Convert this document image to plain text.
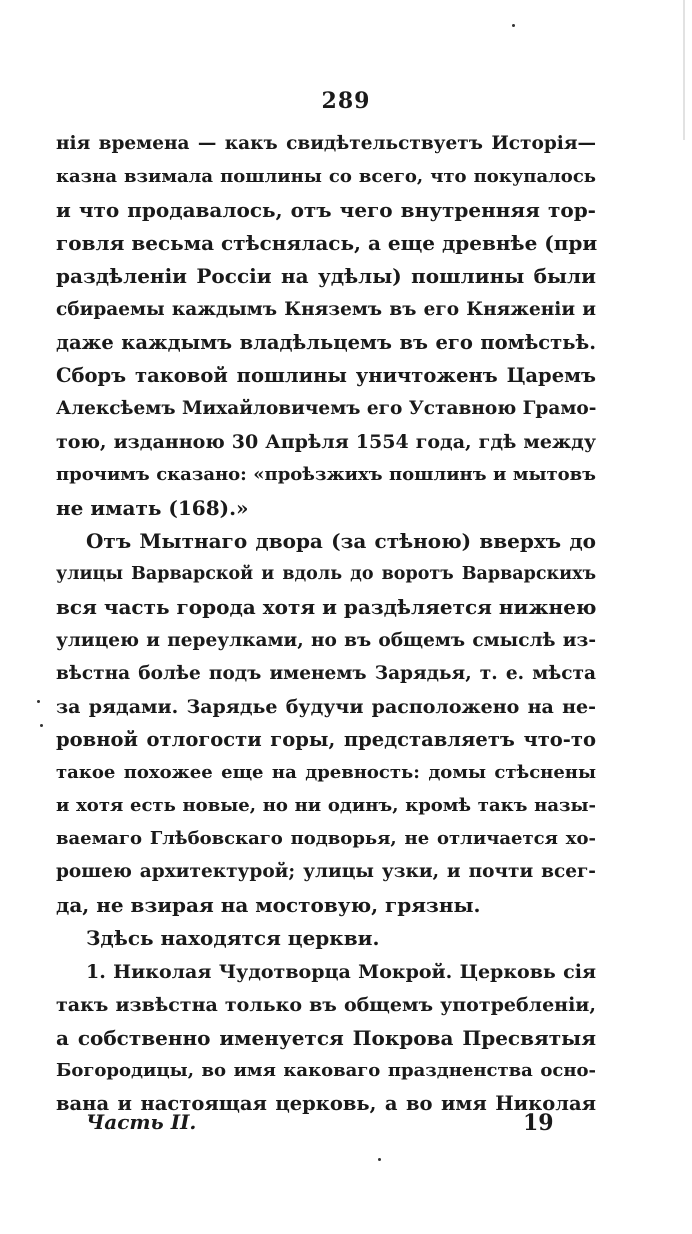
289
нія времена — какъ свидѣтельствуетъ Исторія—
казна взимала пошлины со всего, что покупалось
и что продавалось, отъ чего внутренняя тор-
говля весьма стѣснялась, а еще древнѣе (при
раздѣленіи Россіи на удѣлы) пошлины были
сбираемы каждымъ Княземъ въ его Княженіи и
даже каждымъ владѣльцемъ въ его помѣстьѣ.
Сборъ таковой пошлины уничтоженъ Царемъ
Алексѣемъ Михайловичемъ его Уставною Грамо-
тою, изданною 30 Апрѣля 1554 года, гдѣ между
прочимъ сказано: «проѣзжихъ пошлинъ и мытовъ
не имать (168).»
Отъ Мытнаго двора (за стѣною) вверхъ до
улицы Варварской и вдоль до воротъ Варварскихъ
вся часть города хотя и раздѣляется нижнею
улицею и переулками, но въ общемъ смыслѣ из-
вѣстна болѣе подъ именемъ Зарядья, т. е. мѣста
за рядами. Зарядье будучи расположено на не-
ровной отлогости горы, представляетъ что-то
такое похожее еще на древность: домы стѣснены
и хотя есть новые, но ни одинъ, кромѣ такъ назы-
ваемаго Глѣбовскаго подворья, не отличается хо-
рошею архитектурой; улицы узки, и почти всег-
да, не взирая на мостовую, грязны.
Здѣсь находятся церкви.
1. Николая Чудотворца Мокрой. Церковь сія
такъ извѣстна только въ общемъ употребленіи,
а собственно именуется Покрова Пресвятыя
Богородицы, во имя каковаго праздненства осно-
вана и настоящая церковь, а во имя Николая
Часть II.	19
